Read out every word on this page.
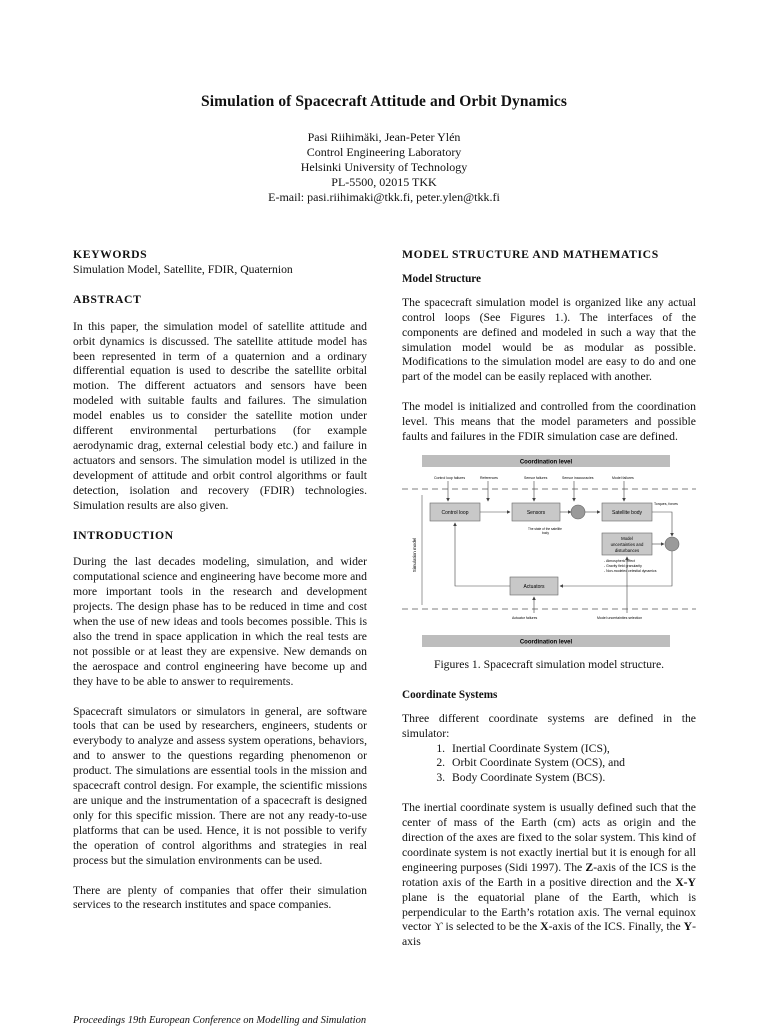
Simulation of Spacecraft Attitude and Orbit Dynamics
Pasi Riihimäki, Jean-Peter Ylén
Control Engineering Laboratory
Helsinki University of Technology
PL-5500, 02015 TKK
E-mail: pasi.riihimaki@tkk.fi, peter.ylen@tkk.fi
KEYWORDS

Simulation Model, Satellite, FDIR, Quaternion

ABSTRACT

In this paper, the simulation model of satellite attitude and orbit dynamics is discussed. The satellite attitude model has been represented in term of a quaternion and a ordinary differential equation is used to describe the satellite orbital motion. The different actuators and sensors have been modeled with suitable faults and failures. The simulation model enables us to consider the satellite motion under different environmental perturbations (for example aerodynamic drag, external celestial body etc.) and failure in actuators and sensors. The simulation model is utilized in the development of attitude and orbit control algorithms or fault detection, isolation and recovery (FDIR) technologies. Simulation results are also given.

INTRODUCTION

During the last decades modeling, simulation, and wider computational science and engineering have become more and more important tools in the research and development projects. The design phase has to be reduced in time and cost when the use of new ideas and tools becomes possible. This is also the trend in space application in which the real tests are not possible or at least they are expensive. New demands on the aerospace and control engineering have become up and they have to be able to answer to requirements.

Spacecraft simulators or simulators in general, are software tools that can be used by researchers, engineers, students or everybody to analyze and assess system operations, behaviors, and to answer to the questions regarding phenomenon or product. The simulations are essential tools in the mission and spacecraft control design. For example, the scientific missions are unique and the instrumentation of a spacecraft is designed only for this specific mission. There are not any ready-to-use platforms that can be used. Hence, it is not possible to verify the operation of control algorithms and strategies in real process but the simulation environments can be used.

There are plenty of companies that offer their simulation services to the research institutes and space companies.

MODEL STRUCTURE AND MATHEMATICS
Model Structure

The spacecraft simulation model is organized like any actual control loops (See Figures 1.). The interfaces of the components are defined and modeled in such a way that the simulation model would be as modular as possible. Modifications to the simulation model are easy to do and one part of the model can be easily replaced with another.

The model is initialized and controlled from the coordination level. This means that the model parameters and possible faults and failures in the FDIR simulation case are defined.

Coordination level
Control loop failures	References	Sensor failures	Sensor inaccuracies	Model failures
Simulation model
Control loop	Sensors	Satellite body
Torques, forces
The state of the satellite
body
Model
uncertainties and
disturbances
- Atmospheric effect
- Gravity field granularity
- Non-modeled celestial dynamics
Actuators
Actuator failures	Model uncertainties selection
Coordination level

Figures 1. Spacecraft simulation model structure.

Coordinate Systems

Three different coordinate systems are defined in the simulator:

1. Inertial Coordinate System (ICS),
2. Orbit Coordinate System (OCS), and
3. Body Coordinate System (BCS).

The inertial coordinate system is usually defined such that the center of mass of the Earth (cm) acts as origin and the direction of the axes are fixed to the solar system. This kind of coordinate system is not exactly inertial but it is enough for all engineering purposes (Sidi 1997). The Z-axis of the ICS is the rotation axis of the Earth in a positive direction and the X-Y plane is the equatorial plane of the Earth, which is perpendicular to the Earth’s rotation axis. The vernal equinox vector ϒ is selected to be the X-axis of the ICS. Finally, the Y-axis

Proceedings 19th European Conference on Modelling and Simulation
